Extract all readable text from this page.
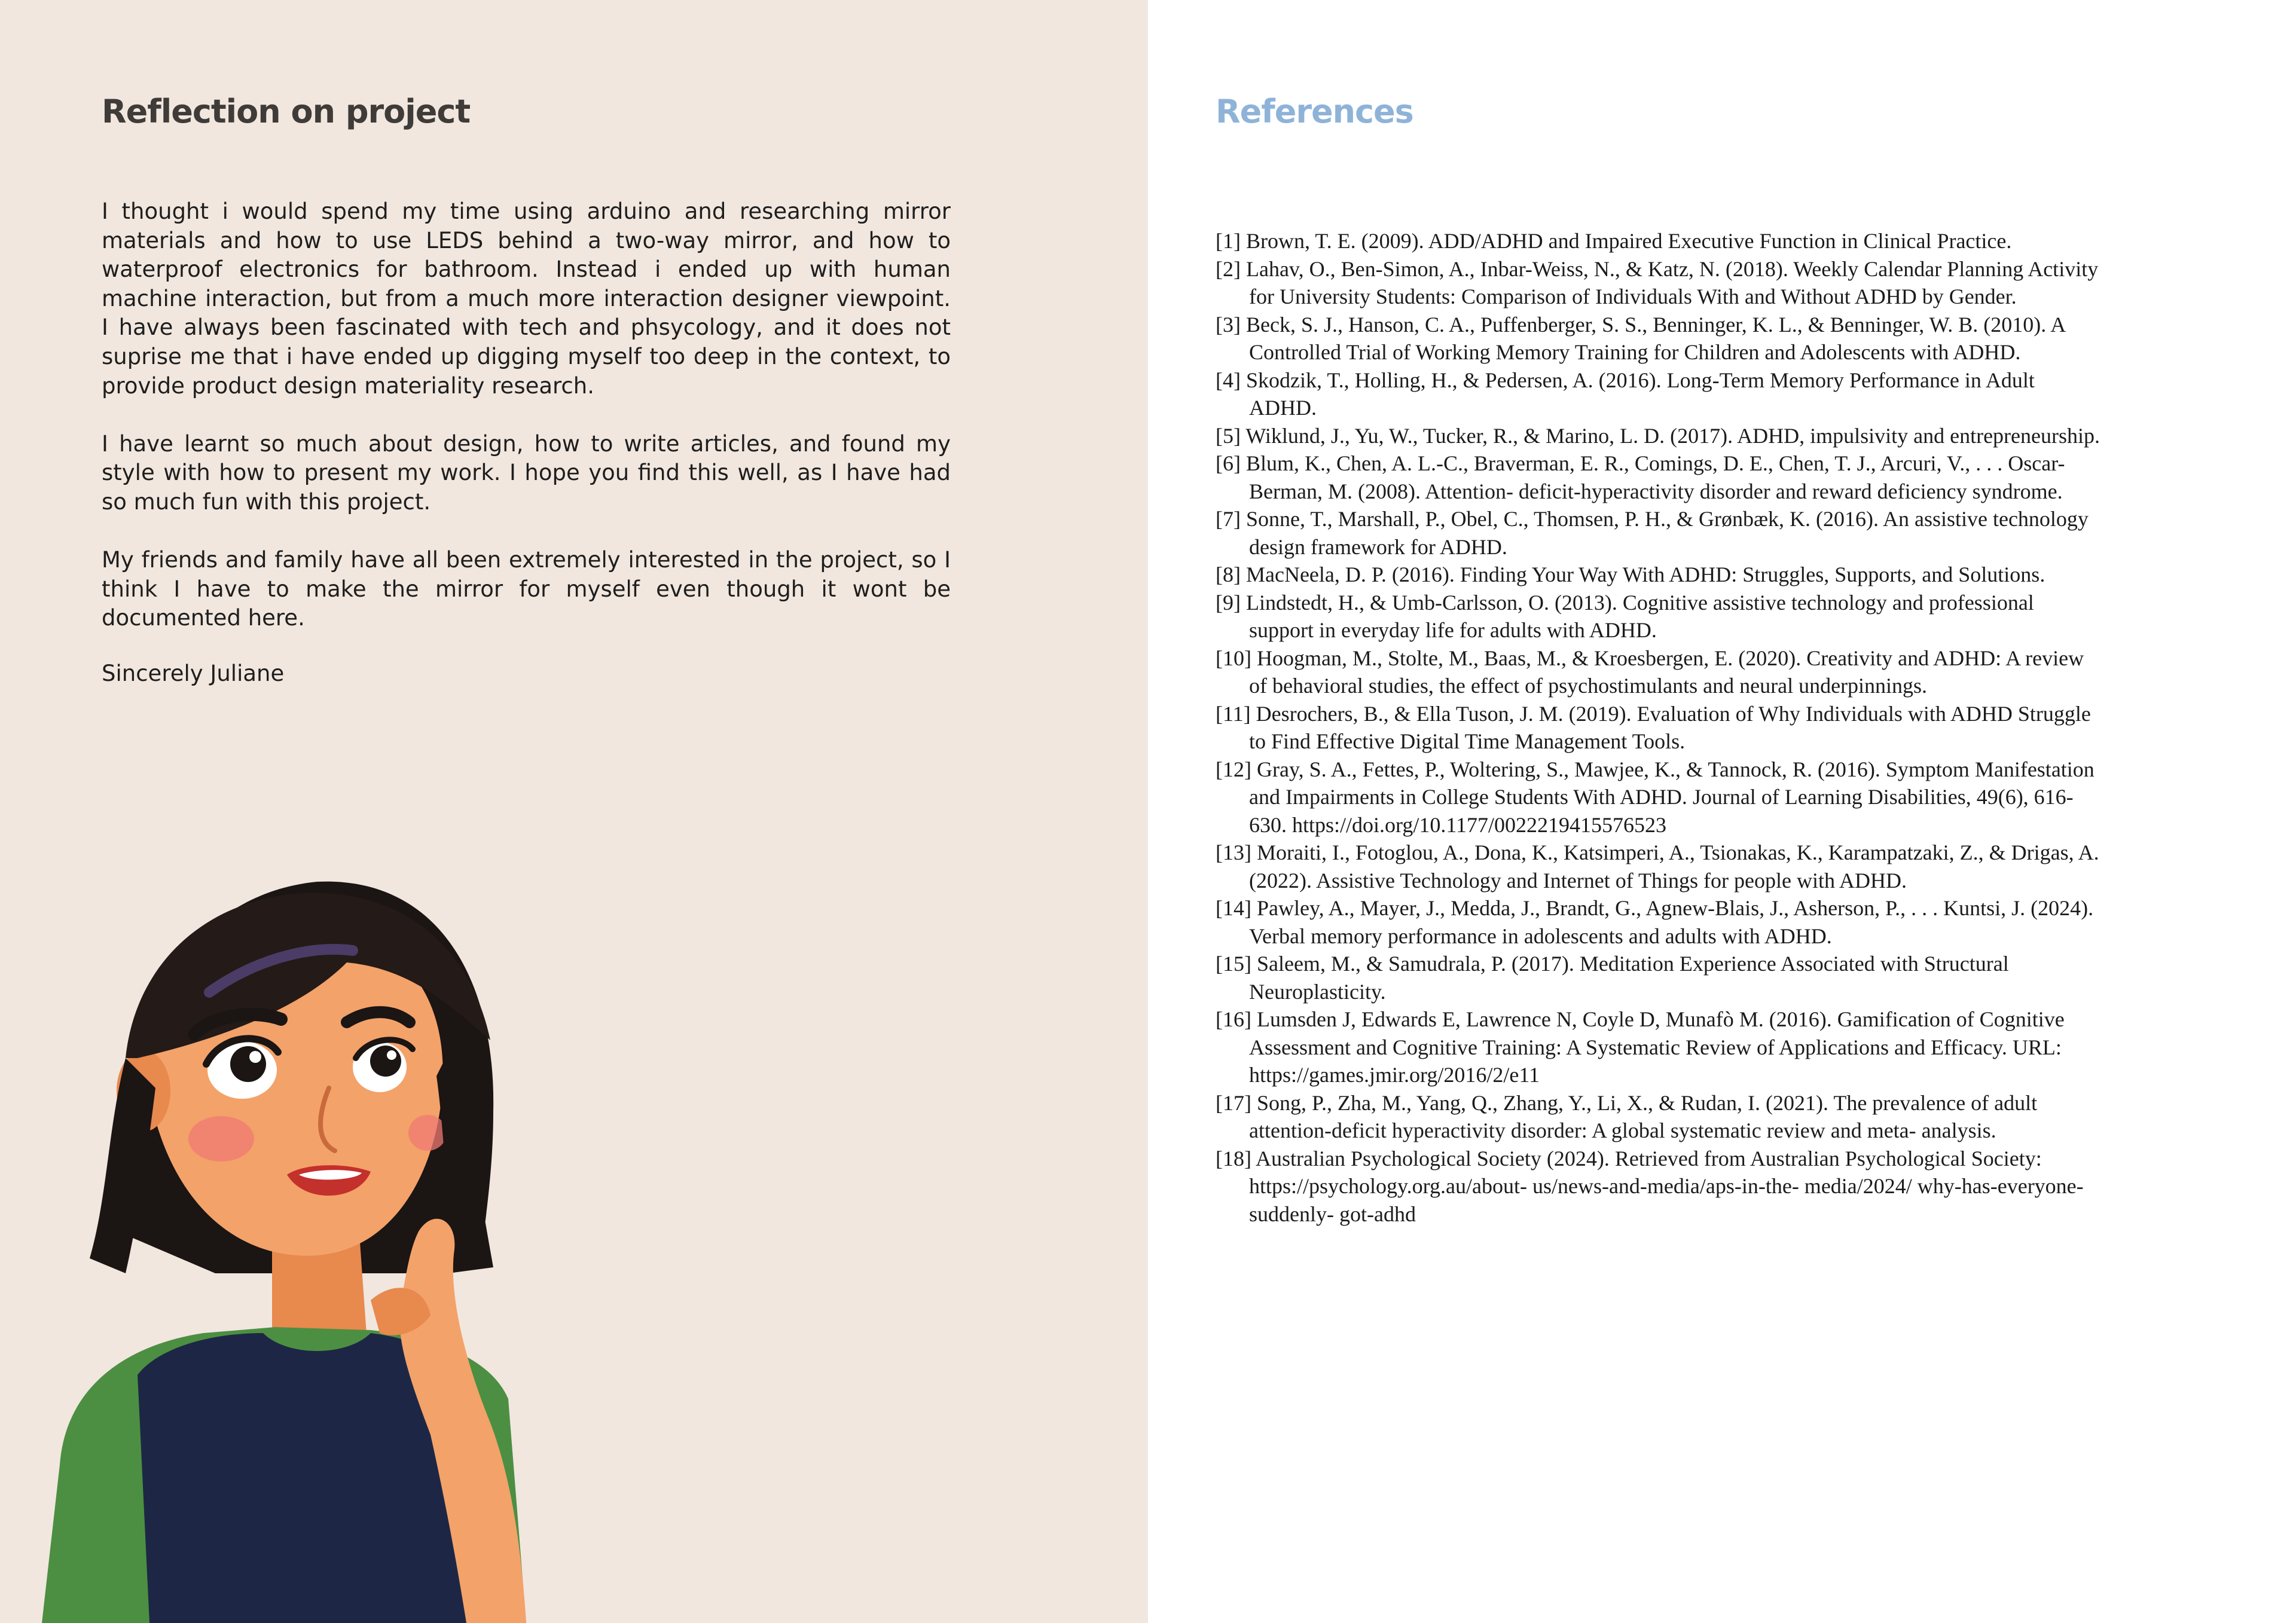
Reflection on project

I thought i would spend my time using arduino and researching mirror materials and how to use LEDS behind a two-way mirror, and how to waterproof electronics for bathroom. Instead i ended up with human machine interaction, but from a much more interaction designer viewpoint. I have always been fascinated with tech and phsycology, and it does not suprise me that i have ended up digging myself too deep in the context, to provide product design materiality research.

I have learnt so much about design, how to write articles, and found my style with how to present my work. I hope you find this well, as I have had so much fun with this project.

My friends and family have all been extremely interested in the project, so I think I have to make the mirror for myself even though it wont be documented here.

Sincerely Juliane
References
[1] Brown, T. E. (2009). ADD/ADHD and Impaired Executive Function in Clinical Practice.
[2] Lahav, O., Ben-Simon, A., Inbar-Weiss, N., & Katz, N. (2018). Weekly Calendar Planning Activity for University Students: Comparison of Individuals With and Without ADHD by Gender.
[3] Beck, S. J., Hanson, C. A., Puffenberger, S. S., Benninger, K. L., & Benninger, W. B. (2010). A Controlled Trial of Working Memory Training for Children and Adolescents with ADHD.
[4] Skodzik, T., Holling, H., & Pedersen, A. (2016). Long-Term Memory Performance in Adult ADHD.
[5] Wiklund, J., Yu, W., Tucker, R., & Marino, L. D. (2017). ADHD, impulsivity and entrepreneurship.
[6] Blum, K., Chen, A. L.-C., Braverman, E. R., Comings, D. E., Chen, T. J., Arcuri, V., . . . Oscar-Berman, M. (2008). Attention- deficit-hyperactivity disorder and reward deficiency syndrome.
[7] Sonne, T., Marshall, P., Obel, C., Thomsen, P. H., & Grønbæk, K. (2016). An assistive technology design framework for ADHD.
[8] MacNeela, D. P. (2016). Finding Your Way With ADHD: Struggles, Supports, and Solutions.
[9] Lindstedt, H., & Umb-Carlsson, O. (2013). Cognitive assistive technology and professional support in everyday life for adults with ADHD.
[10] Hoogman, M., Stolte, M., Baas, M., & Kroesbergen, E. (2020). Creativity and ADHD: A review of behavioral studies, the effect of psychostimulants and neural underpinnings.
[11] Desrochers, B., & Ella Tuson, J. M. (2019). Evaluation of Why Individuals with ADHD Struggle to Find Effective Digital Time Management Tools.
[12] Gray, S. A., Fettes, P., Woltering, S., Mawjee, K., & Tannock, R. (2016). Symptom Manifestation and Impairments in College Students With ADHD. Journal of Learning Disabilities, 49(6), 616-630. https://doi.org/10.1177/0022219415576523
[13] Moraiti, I., Fotoglou, A., Dona, K., Katsimperi, A., Tsionakas, K., Karampatzaki, Z., & Drigas, A. (2022). Assistive Technology and Internet of Things for people with ADHD.
[14] Pawley, A., Mayer, J., Medda, J., Brandt, G., Agnew-Blais, J., Asherson, P., . . . Kuntsi, J. (2024). Verbal memory performance in adolescents and adults with ADHD.
[15] Saleem, M., & Samudrala, P. (2017). Meditation Experience Associated with Structural Neuroplasticity.
[16] Lumsden J, Edwards E, Lawrence N, Coyle D, Munafò M. (2016). Gamification of Cognitive Assessment and Cognitive Training: A Systematic Review of Applications and Efficacy. URL: https://games.jmir.org/2016/2/e11
[17] Song, P., Zha, M., Yang, Q., Zhang, Y., Li, X., & Rudan, I. (2021). The prevalence of adult attention-deficit hyperactivity disorder: A global systematic review and meta- analysis.
[18] Australian Psychological Society (2024). Retrieved from Australian Psychological Society: https://psychology.org.au/about- us/news-and-media/aps-in-the- media/2024/ why-has-everyone-suddenly- got-adhd
